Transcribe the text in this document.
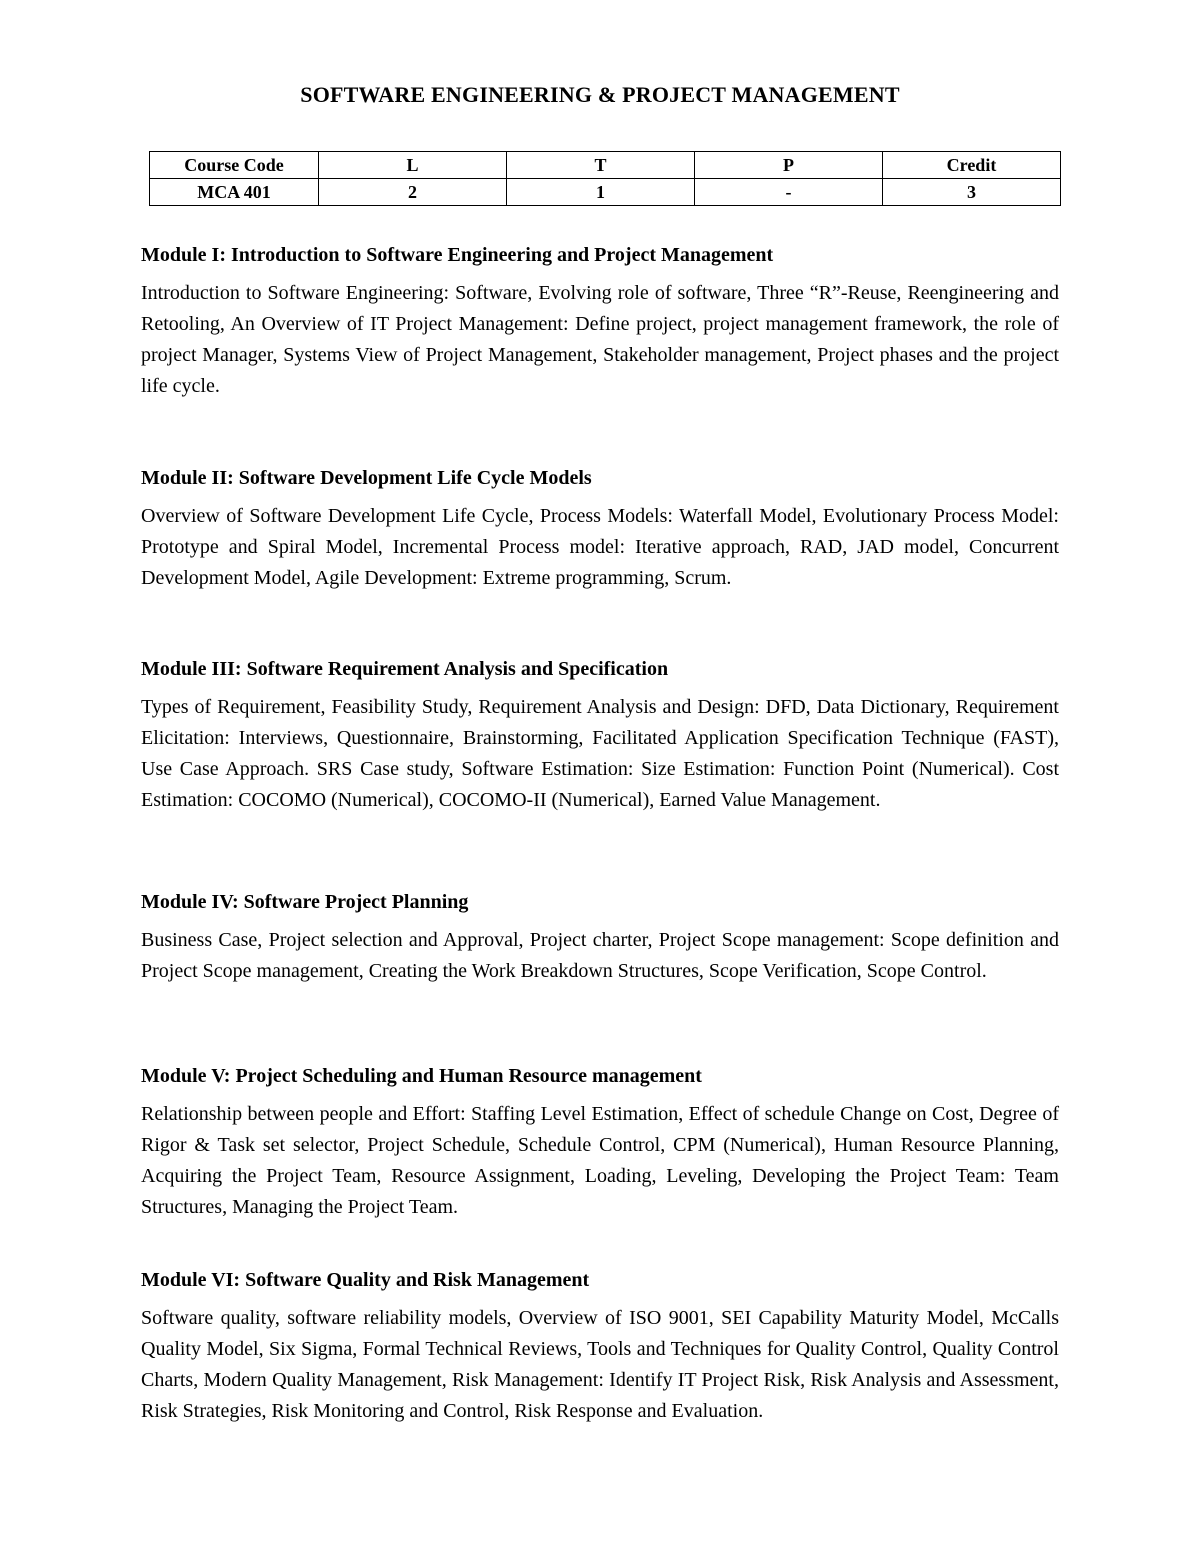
SOFTWARE ENGINEERING & PROJECT MANAGEMENT
Course Code	L	T	P	Credit
MCA 401	2	1	-	3
Module I: Introduction to Software Engineering and Project Management

Introduction to Software Engineering: Software, Evolving role of software, Three “R”-Reuse, Reengineering and Retooling, An Overview of IT Project Management: Define project, project management framework, the role of project Manager, Systems View of Project Management, Stakeholder management, Project phases and the project life cycle.

Module II: Software Development Life Cycle Models

Overview of Software Development Life Cycle, Process Models: Waterfall Model, Evolutionary Process Model: Prototype and Spiral Model, Incremental Process model: Iterative approach, RAD, JAD model, Concurrent Development Model, Agile Development: Extreme programming, Scrum.

Module III: Software Requirement Analysis and Specification

Types of Requirement, Feasibility Study, Requirement Analysis and Design: DFD, Data Dictionary, Requirement Elicitation: Interviews, Questionnaire, Brainstorming, Facilitated Application Specification Technique (FAST), Use Case Approach. SRS Case study, Software Estimation: Size Estimation: Function Point (Numerical). Cost Estimation: COCOMO (Numerical), COCOMO-II (Numerical), Earned Value Management.

Module IV: Software Project Planning

Business Case, Project selection and Approval, Project charter, Project Scope management: Scope definition and Project Scope management, Creating the Work Breakdown Structures, Scope Verification, Scope Control.

Module V: Project Scheduling and Human Resource management

Relationship between people and Effort: Staffing Level Estimation, Effect of schedule Change on Cost, Degree of Rigor & Task set selector, Project Schedule, Schedule Control, CPM (Numerical), Human Resource Planning, Acquiring the Project Team, Resource Assignment, Loading, Leveling, Developing the Project Team: Team Structures, Managing the Project Team.

Module VI: Software Quality and Risk Management

Software quality, software reliability models, Overview of ISO 9001, SEI Capability Maturity Model, McCalls Quality Model, Six Sigma, Formal Technical Reviews, Tools and Techniques for Quality Control, Quality Control Charts, Modern Quality Management, Risk Management: Identify IT Project Risk, Risk Analysis and Assessment, Risk Strategies, Risk Monitoring and Control, Risk Response and Evaluation.
